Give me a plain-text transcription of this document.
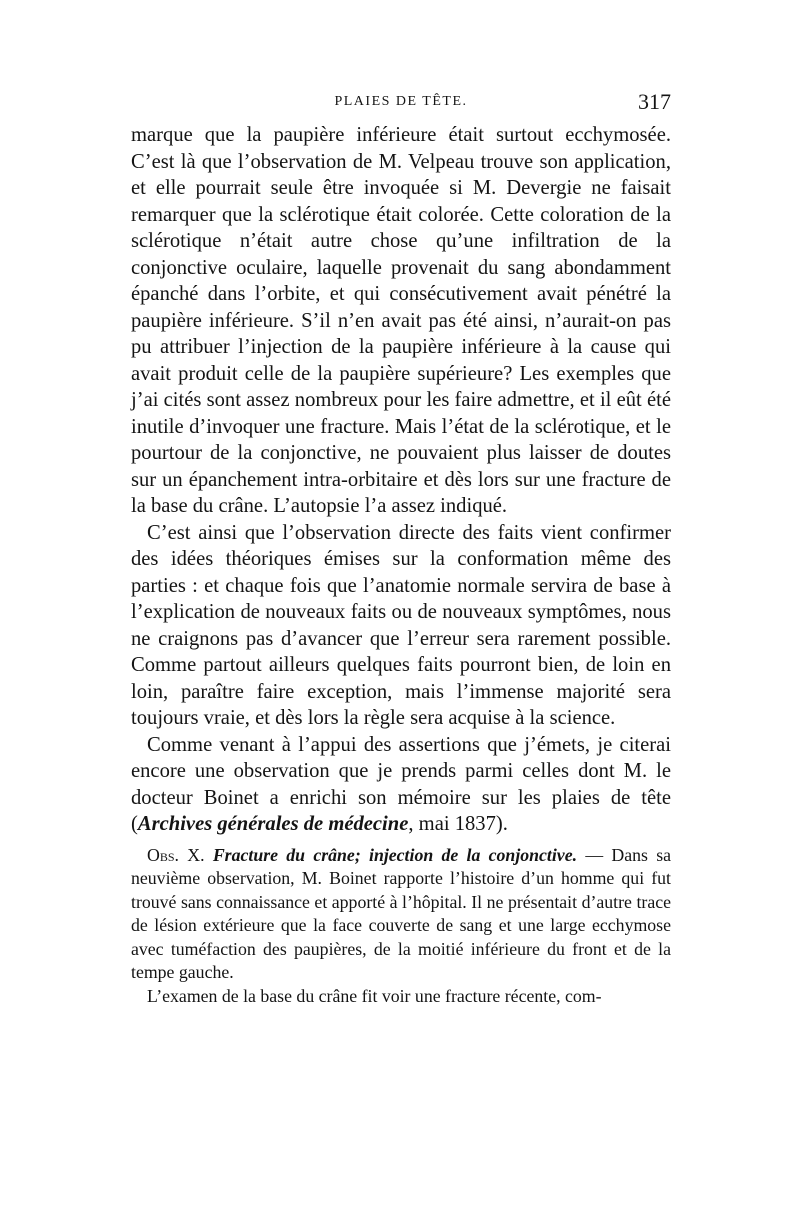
PLAIES DE TÊTE.	317

marque que la paupière inférieure était surtout ecchymosée. C’est là que l’observation de M. Velpeau trouve son application, et elle pourrait seule être invoquée si M. Devergie ne faisait remarquer que la sclérotique était colorée. Cette coloration de la sclérotique n’était autre chose qu’une infiltration de la conjonctive oculaire, laquelle provenait du sang abondamment épanché dans l’orbite, et qui consécutivement avait pénétré la paupière inférieure. S’il n’en avait pas été ainsi, n’aurait-on pas pu attribuer l’injection de la paupière inférieure à la cause qui avait produit celle de la paupière supérieure? Les exemples que j’ai cités sont assez nombreux pour les faire admettre, et il eût été inutile d’invoquer une fracture. Mais l’état de la sclérotique, et le pourtour de la conjonctive, ne pouvaient plus laisser de doutes sur un épanchement intra-orbitaire et dès lors sur une fracture de la base du crâne. L’autopsie l’a assez indiqué.

C’est ainsi que l’observation directe des faits vient confirmer des idées théoriques émises sur la conformation même des parties : et chaque fois que l’anatomie normale servira de base à l’explication de nouveaux faits ou de nouveaux symptômes, nous ne craignons pas d’avancer que l’erreur sera rarement possible. Comme partout ailleurs quelques faits pourront bien, de loin en loin, paraître faire exception, mais l’immense majorité sera toujours vraie, et dès lors la règle sera acquise à la science.

Comme venant à l’appui des assertions que j’émets, je citerai encore une observation que je prends parmi celles dont M. le docteur Boinet a enrichi son mémoire sur les plaies de tête (Archives générales de médecine, mai 1837).

Obs. X. Fracture du crâne; injection de la conjonctive. — Dans sa neuvième observation, M. Boinet rapporte l’histoire d’un homme qui fut trouvé sans connaissance et apporté à l’hôpital. Il ne présentait d’autre trace de lésion extérieure que la face couverte de sang et une large ecchymose avec tuméfaction des paupières, de la moitié inférieure du front et de la tempe gauche.

L’examen de la base du crâne fit voir une fracture récente, com-
